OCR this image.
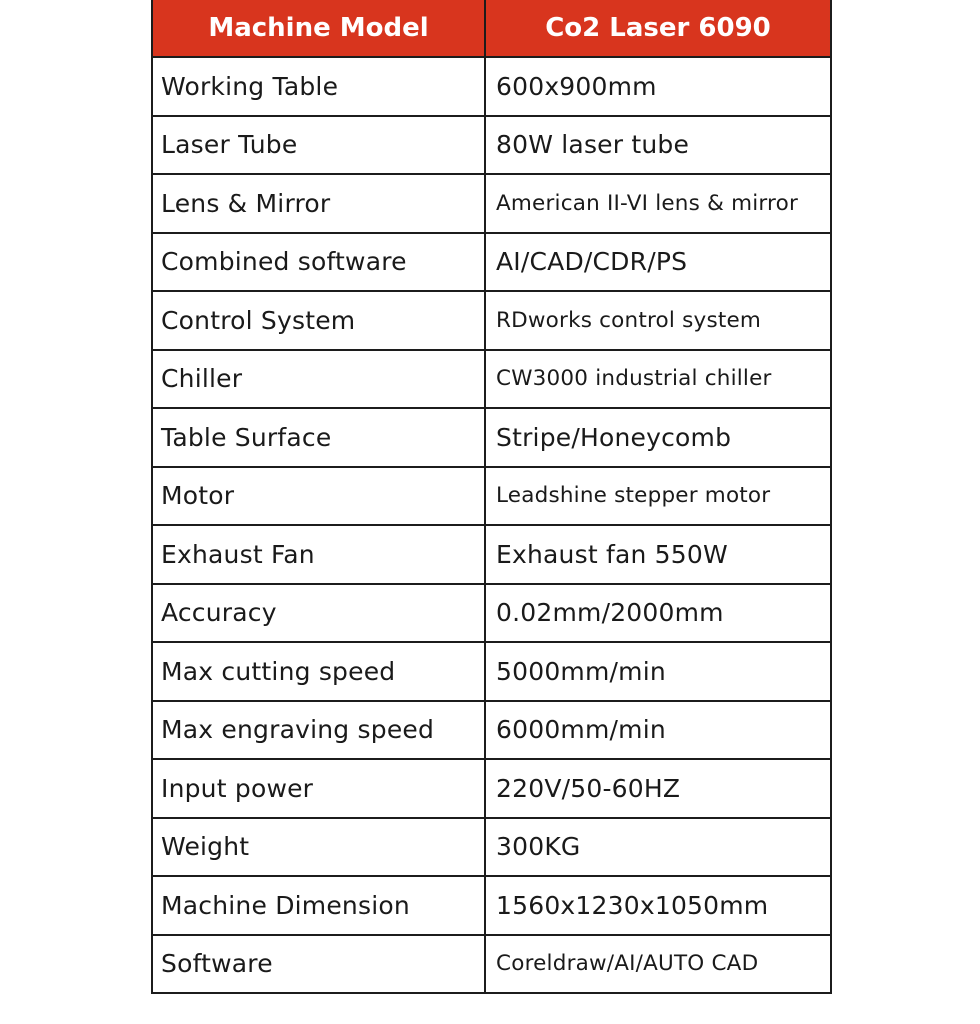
Machine Model	Co2 Laser 6090
Working Table	600x900mm
Laser Tube	80W laser tube
Lens & Mirror	American II-VI lens & mirror
Combined software	AI/CAD/CDR/PS
Control System	RDworks control system
Chiller	CW3000 industrial chiller
Table Surface	Stripe/Honeycomb
Motor	Leadshine stepper motor
Exhaust Fan	Exhaust fan 550W
Accuracy	0.02mm/2000mm
Max cutting speed	5000mm/min
Max engraving speed	6000mm/min
Input power	220V/50-60HZ
Weight	300KG
Machine Dimension	1560x1230x1050mm
Software	Coreldraw/AI/AUTO CAD
